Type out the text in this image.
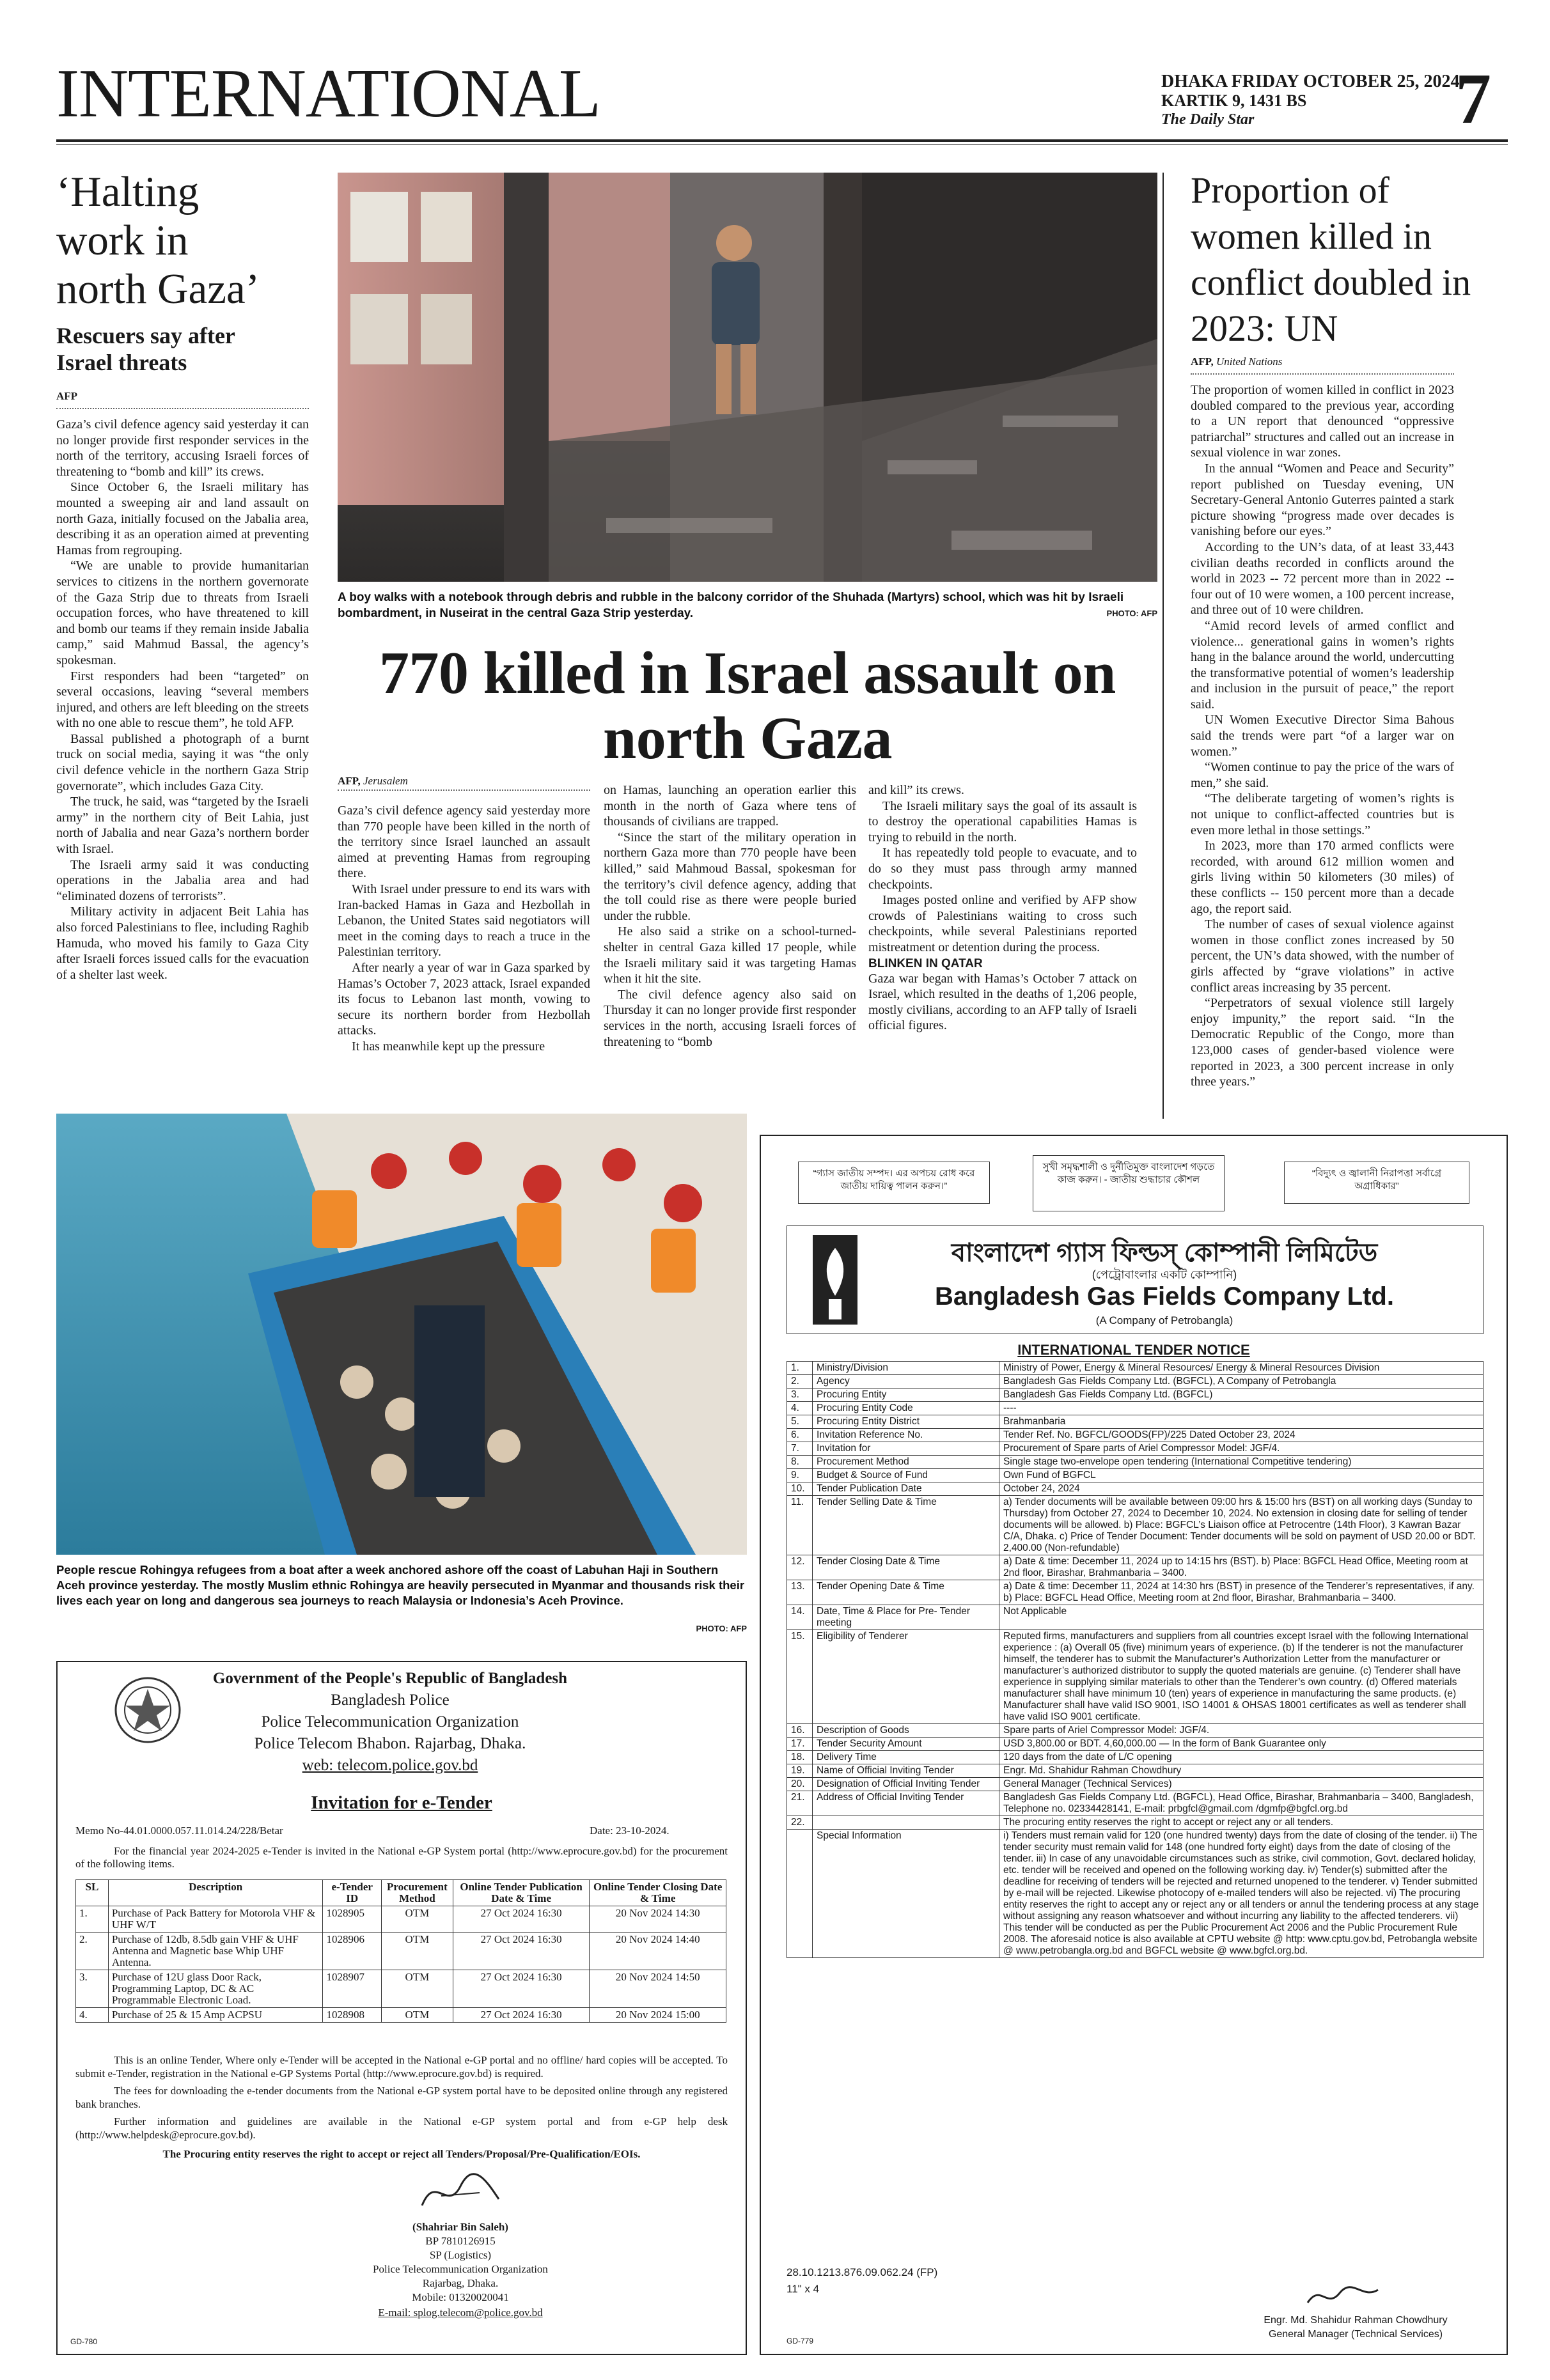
INTERNATIONAL	DHAKA FRIDAY OCTOBER 25, 2024
KARTIK 9, 1431 BS
The Daily Star	7
‘Halting work in north Gaza’
Rescuers say after Israel threats
AFP

Gaza’s civil defence agency said yesterday it can no longer provide first responder services in the north of the territory, accusing Israeli forces of threatening to “bomb and kill” its crews.

Since October 6, the Israeli military has mounted a sweeping air and land assault on north Gaza, initially focused on the Jabalia area, describing it as an operation aimed at preventing Hamas from regrouping.

“We are unable to provide humanitarian services to citizens in the northern governorate of the Gaza Strip due to threats from Israeli occupation forces, who have threatened to kill and bomb our teams if they remain inside Jabalia camp,” said Mahmud Bassal, the agency’s spokesman.

First responders had been “targeted” on several occasions, leaving “several members injured, and others are left bleeding on the streets with no one able to rescue them”, he told AFP.

Bassal published a photograph of a burnt truck on social media, saying it was “the only civil defence vehicle in the northern Gaza Strip governorate”, which includes Gaza City.

The truck, he said, was “targeted by the Israeli army” in the northern city of Beit Lahia, just north of Jabalia and near Gaza’s northern border with Israel.

The Israeli army said it was conducting operations in the Jabalia area and had “eliminated dozens of terrorists”.

Military activity in adjacent Beit Lahia has also forced Palestinians to flee, including Raghib Hamuda, who moved his family to Gaza City after Israeli forces issued calls for the evacuation of a shelter last week.

A boy walks with a notebook through debris and rubble in the balcony corridor of the Shuhada (Martyrs) school, which was hit by Israeli bombardment, in Nuseirat in the central Gaza Strip yesterday.	PHOTO: AFP
770 killed in Israel assault on north Gaza
AFP, Jerusalem

Gaza’s civil defence agency said yesterday more than 770 people have been killed in the north of the territory since Israel launched an assault aimed at preventing Hamas from regrouping there.

With Israel under pressure to end its wars with Iran-backed Hamas in Gaza and Hezbollah in Lebanon, the United States said negotiators will meet in the coming days to reach a truce in the Palestinian territory.

After nearly a year of war in Gaza sparked by Hamas’s October 7, 2023 attack, Israel expanded its focus to Lebanon last month, vowing to secure its northern border from Hezbollah attacks.

It has meanwhile kept up the pressure

on Hamas, launching an operation earlier this month in the north of Gaza where tens of thousands of civilians are trapped.

“Since the start of the military operation in northern Gaza more than 770 people have been killed,” said Mahmoud Bassal, spokesman for the territory’s civil defence agency, adding that the toll could rise as there were people buried under the rubble.

He also said a strike on a school-turned-shelter in central Gaza killed 17 people, while the Israeli military said it was targeting Hamas when it hit the site.

The civil defence agency also said on Thursday it can no longer provide first responder services in the north, accusing Israeli forces of threatening to “bomb

and kill” its crews.

The Israeli military says the goal of its assault is to destroy the operational capabilities Hamas is trying to rebuild in the north.

It has repeatedly told people to evacuate, and to do so they must pass through army manned checkpoints.

Images posted online and verified by AFP show crowds of Palestinians waiting to cross such checkpoints, while several Palestinians reported mistreatment or detention during the process.

BLINKEN IN QATAR

Gaza war began with Hamas’s October 7 attack on Israel, which resulted in the deaths of 1,206 people, mostly civilians, according to an AFP tally of Israeli official figures.

Proportion of women killed in conflict doubled in 2023: UN
AFP, United Nations

The proportion of women killed in conflict in 2023 doubled compared to the previous year, according to a UN report that denounced “oppressive patriarchal” structures and called out an increase in sexual violence in war zones.

In the annual “Women and Peace and Security” report published on Tuesday evening, UN Secretary-General Antonio Guterres painted a stark picture showing “progress made over decades is vanishing before our eyes.”

According to the UN’s data, of at least 33,443 civilian deaths recorded in conflicts around the world in 2023 -- 72 percent more than in 2022 -- four out of 10 were women, a 100 percent increase, and three out of 10 were children.

“Amid record levels of armed conflict and violence... generational gains in women’s rights hang in the balance around the world, undercutting the transformative potential of women’s leadership and inclusion in the pursuit of peace,” the report said.

UN Women Executive Director Sima Bahous said the trends were part “of a larger war on women.”

“Women continue to pay the price of the wars of men,” she said.

“The deliberate targeting of women’s rights is not unique to conflict-affected countries but is even more lethal in those settings.”

In 2023, more than 170 armed conflicts were recorded, with around 612 million women and girls living within 50 kilometers (30 miles) of these conflicts -- 150 percent more than a decade ago, the report said.

The number of cases of sexual violence against women in those conflict zones increased by 50 percent, the UN’s data showed, with the number of girls affected by “grave violations” in active conflict areas increasing by 35 percent.

“Perpetrators of sexual violence still largely enjoy impunity,” the report said. “In the Democratic Republic of the Congo, more than 123,000 cases of gender-based violence were reported in 2023, a 300 percent increase in only three years.”

People rescue Rohingya refugees from a boat after a week anchored ashore off the coast of Labuhan Haji in Southern Aceh province yesterday. The mostly Muslim ethnic Rohingya are heavily persecuted in Myanmar and thousands risk their lives each year on long and dangerous sea journeys to reach Malaysia or Indonesia’s Aceh Province.
PHOTO: AFP
Government of the People's Republic of Bangladesh
Bangladesh Police
Police Telecommunication Organization
Police Telecom Bhabon. Rajarbag, Dhaka.
web: telecom.police.gov.bd
Invitation for e-Tender
Memo No-44.01.0000.057.11.014.24/228/Betar	Date: 23-10-2024.
For the financial year 2024-2025 e-Tender is invited in the National e-GP System portal (http://www.eprocure.gov.bd) for the procurement of the following items.
SL	Description	e-Tender ID	Procurement Method	Online Tender Publication Date & Time	Online Tender Closing Date & Time
1.	Purchase of Pack Battery for Motorola VHF & UHF W/T	1028905	OTM	27 Oct 2024 16:30	20 Nov 2024 14:30
2.	Purchase of 12db, 8.5db gain VHF & UHF Antenna and Magnetic base Whip UHF Antenna.	1028906	OTM	27 Oct 2024 16:30	20 Nov 2024 14:40
3.	Purchase of 12U glass Door Rack, Programming Laptop, DC & AC Programmable Electronic Load.	1028907	OTM	27 Oct 2024 16:30	20 Nov 2024 14:50
4.	Purchase of 25 & 15 Amp ACPSU	1028908	OTM	27 Oct 2024 16:30	20 Nov 2024 15:00
This is an online Tender, Where only e-Tender will be accepted in the National e-GP portal and no offline/ hard copies will be accepted. To submit e-Tender, registration in the National e-GP Systems Portal (http://www.eprocure.gov.bd) is required.
The fees for downloading the e-tender documents from the National e-GP system portal have to be deposited online through any registered bank branches.
Further information and guidelines are available in the National e-GP system portal and from e-GP help desk (http://www.helpdesk@eprocure.gov.bd).
The Procuring entity reserves the right to accept or reject all Tenders/Proposal/Pre-Qualification/EOIs.
(Shahriar Bin Saleh)
BP 7810126915
SP (Logistics)
Police Telecommunication Organization
Rajarbag, Dhaka.
Mobile: 01320020041
E-mail: splog.telecom@police.gov.bd
GD-780
“গ্যাস জাতীয় সম্পদ। এর অপচয় রোধ করে জাতীয় দায়িত্ব পালন করুন।”
সুখী সমৃদ্ধশালী ও দুর্নীতিমুক্ত বাংলাদেশ গড়তে কাজ করুন। - জাতীয় শুদ্ধাচার কৌশল
“বিদ্যুৎ ও জ্বালানী নিরাপত্তা সর্বাগ্রে অগ্রাধিকার”
বাংলাদেশ গ্যাস ফিল্ডস্ কোম্পানী লিমিটেড
(পেট্রোবাংলার একটি কোম্পানি)
Bangladesh Gas Fields Company Ltd.
(A Company of Petrobangla)
INTERNATIONAL TENDER NOTICE
1.	Ministry/Division	Ministry of Power, Energy & Mineral Resources/ Energy & Mineral Resources Division
2.	Agency	Bangladesh Gas Fields Company Ltd. (BGFCL), A Company of Petrobangla
3.	Procuring Entity	Bangladesh Gas Fields Company Ltd. (BGFCL)
4.	Procuring Entity Code	----
5.	Procuring Entity District	Brahmanbaria
6.	Invitation Reference No.	Tender Ref. No. BGFCL/GOODS(FP)/225 Dated October 23, 2024
7.	Invitation for	Procurement of Spare parts of Ariel Compressor Model: JGF/4.
8.	Procurement Method	Single stage two-envelope open tendering (International Competitive tendering)
9.	Budget & Source of Fund	Own Fund of BGFCL
10.	Tender Publication Date	October 24, 2024
11.	Tender Selling Date & Time	a) Tender documents will be available between 09:00 hrs & 15:00 hrs (BST) on all working days (Sunday to Thursday) from October 27, 2024 to December 10, 2024. No extension in closing date for selling of tender documents will be allowed. b) Place: BGFCL’s Liaison office at Petrocentre (14th Floor), 3 Kawran Bazar C/A, Dhaka. c) Price of Tender Document: Tender documents will be sold on payment of USD 20.00 or BDT. 2,400.00 (Non-refundable)
12.	Tender Closing Date & Time	a) Date & time: December 11, 2024 up to 14:15 hrs (BST). b) Place: BGFCL Head Office, Meeting room at 2nd floor, Birashar, Brahmanbaria – 3400.
13.	Tender Opening Date & Time	a) Date & time: December 11, 2024 at 14:30 hrs (BST) in presence of the Tenderer’s representatives, if any. b) Place: BGFCL Head Office, Meeting room at 2nd floor, Birashar, Brahmanbaria – 3400.
14.	Date, Time & Place for Pre- Tender meeting	Not Applicable
15.	Eligibility of Tenderer	Reputed firms, manufacturers and suppliers from all countries except Israel with the following International experience : (a) Overall 05 (five) minimum years of experience. (b) If the tenderer is not the manufacturer himself, the tenderer has to submit the Manufacturer’s Authorization Letter from the manufacturer or manufacturer’s authorized distributor to supply the quoted materials are genuine. (c) Tenderer shall have experience in supplying similar materials to other than the Tenderer’s own country. (d) Offered materials manufacturer shall have minimum 10 (ten) years of experience in manufacturing the same products. (e) Manufacturer shall have valid ISO 9001, ISO 14001 & OHSAS 18001 certificates as well as tenderer shall have valid ISO 9001 certificate.
16.	Description of Goods	Spare parts of Ariel Compressor Model: JGF/4.
17.	Tender Security Amount	USD 3,800.00 or BDT. 4,60,000.00 — In the form of Bank Guarantee only
18.	Delivery Time	120 days from the date of L/C opening
19.	Name of Official Inviting Tender	Engr. Md. Shahidur Rahman Chowdhury
20.	Designation of Official Inviting Tender	General Manager (Technical Services)
21.	Address of Official Inviting Tender	Bangladesh Gas Fields Company Ltd. (BGFCL), Head Office, Birashar, Brahmanbaria – 3400, Bangladesh, Telephone no. 02334428141, E-mail: prbgfcl@gmail.com /dgmfp@bgfcl.org.bd
22.		The procuring entity reserves the right to accept or reject any or all tenders.
	Special Information	i) Tenders must remain valid for 120 (one hundred twenty) days from the date of closing of the tender. ii) The tender security must remain valid for 148 (one hundred forty eight) days from the date of closing of the tender. iii) In case of any unavoidable circumstances such as strike, civil commotion, Govt. declared holiday, etc. tender will be received and opened on the following working day. iv) Tender(s) submitted after the deadline for receiving of tenders will be rejected and returned unopened to the tenderer. v) Tender submitted by e-mail will be rejected. Likewise photocopy of e-mailed tenders will also be rejected. vi) The procuring entity reserves the right to accept any or reject any or all tenders or annul the tendering process at any stage without assigning any reason whatsoever and without incurring any liability to the affected tenderers. vii) This tender will be conducted as per the Public Procurement Act 2006 and the Public Procurement Rule 2008. The aforesaid notice is also available at CPTU website @ http: www.cptu.gov.bd, Petrobangla website @ www.petrobangla.org.bd and BGFCL website @ www.bgfcl.org.bd.
28.10.1213.876.09.062.24 (FP)
11" x 4
Engr. Md. Shahidur Rahman Chowdhury
General Manager (Technical Services)
GD-779
